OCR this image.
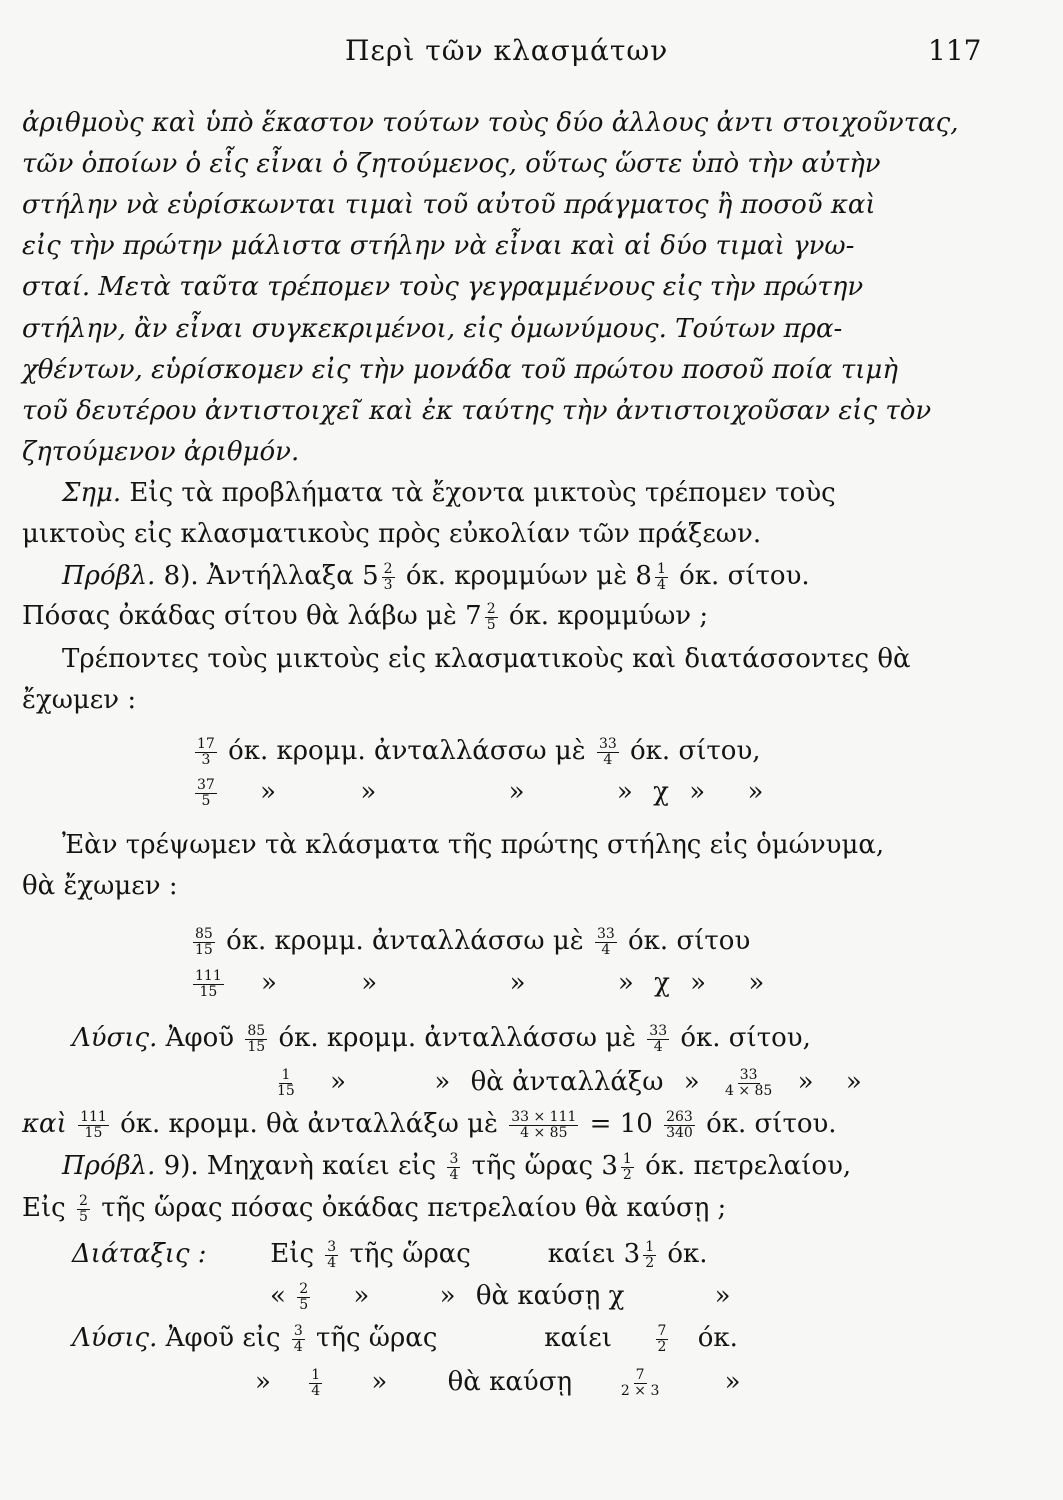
Περὶ τῶν κλασμάτων	117
ἀριθμοὺς καὶ ὑπὸ ἕκαστον τούτων τοὺς δύο ἀλλους ἀντι στοιχοῦντας,
τῶν ὁποίων ὁ εἷς εἶναι ὁ ζητούμενος, οὕτως ὥστε ὑπὸ τὴν αὐτὴν
στήλην νὰ εὑρίσκωνται τιμαὶ τοῦ αὐτοῦ πράγματος ἢ ποσοῦ καὶ
εἰς τὴν πρώτην μάλιστα στήλην νὰ εἶναι καὶ αἱ δύο τιμαὶ γνω-
σταί. Μετὰ ταῦτα τρέπομεν τοὺς γεγραμμένους εἰς τὴν πρώτην
στήλην, ἂν εἶναι συγκεκριμένοι, εἰς ὁμωνύμους. Τούτων πρα-
χθέντων, εὑρίσκομεν εἰς τὴν μονάδα τοῦ πρώτου ποσοῦ ποία τιμὴ
τοῦ δευτέρου ἀντιστοιχεῖ καὶ ἐκ ταύτης τὴν ἀντιστοιχοῦσαν εἰς τὸν
ζητούμενον ἀριθμόν.
Σημ. Εἰς τὰ προβλήματα τὰ ἔχοντα μικτοὺς τρέπομεν τοὺς
μικτοὺς εἰς κλασματικοὺς πρὸς εὐκολίαν τῶν πράξεων.
Πρόβλ. 8). Ἀντήλλαξα $5 \frac{2}{3} ό\kappa$. κρομμύων μὲ $8 \frac{1}{4} ό\kappa$. σίτου.
Πόσας ὀκάδας σίτου θὰ λάβω μὲ $7 \frac{2}{5} ό\kappa$. κρομμύων ;
Τρέποντες τοὺς μικτοὺς εἰς κλασματικοὺς καὶ διατάσσοντες θὰ
ἔχωμεν :
$\frac{17}{3} ό\kappa$. κρομμ. ἀνταλλάσσω μὲ $\frac{33}{4} ό\kappa$. σίτου,
$\frac{37}{5}$ »	»	»	» χ » »
Ἐὰν τρέψωμεν τὰ κλάσματα τῆς πρώτης στήλης εἰς ὁμώνυμα,
θὰ ἔχωμεν :
$\frac{85}{15} ό\kappa$. κρομμ. ἀνταλλάσσω μὲ $\frac{33}{4} ό\kappa$. σίτου
$\frac{111}{15}$ »	»	»	» χ » »
Λύσις. Ἀφοῦ $\frac{85}{15} ό\kappa$. κρομμ. ἀνταλλάσσω μὲ $\frac{33}{4} ό\kappa$. σίτου,
$\frac{1}{15}$ »	» θὰ ἀνταλλάξω » $\frac{33}{4 \times 85}$ » »
καὶ $\frac{111}{15} ό\kappa$. κρομμ. θὰ ἀνταλλάξω μὲ $\frac{33 \times 111}{4 \times 85} = 10 \frac{263}{340} ό\kappa$. σίτου.
Πρόβλ. 9). Μηχανὴ καίει εἰς $\frac{3}{4}$ τῆς ὥρας $3 \frac{1}{2} ό\kappa$. πετρελαίου,
Εἰς $\frac{2}{5}$ τῆς ὥρας πόσας ὀκάδας πετρελαίου θὰ καύσῃ ;
Διάταξις : Εἰς $\frac{3}{4}$ τῆς ὥρας	καίει $3 \frac{1}{2} ό\kappa$.
« $\frac{2}{5}$ »	» θὰ καύσῃ χ	»
Λύσις. Ἀφοῦ εἰς $\frac{3}{4}$ τῆς ὥρας	καίει	$\frac{7}{2} ό\kappa$.
»	$\frac{1}{4}$ » θὰ καύσῃ	$\frac{7}{2 \times 3}$ »
